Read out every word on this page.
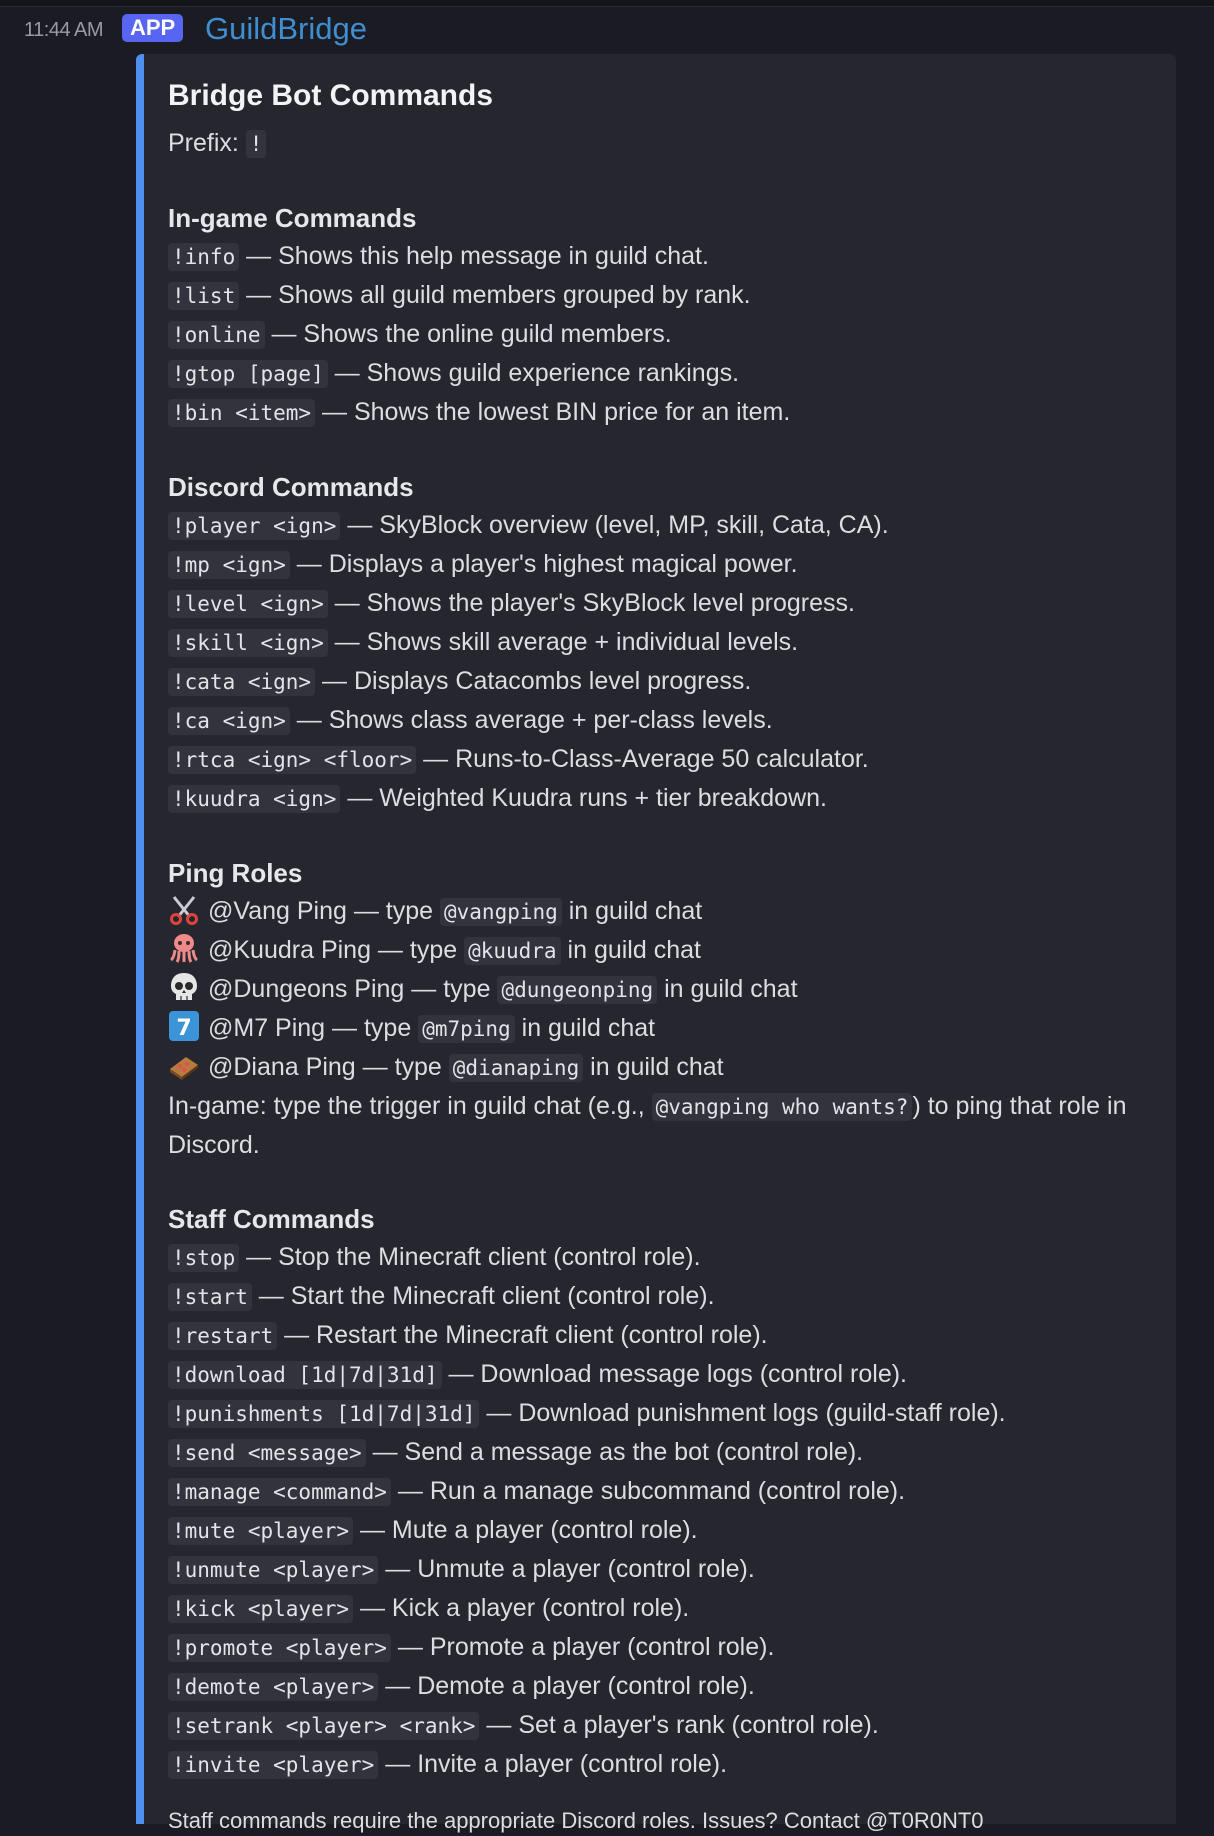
11:44 AM	APP GuildBridge
Bridge Bot Commands
Prefix: !
In-game Commands
!info — Shows this help message in guild chat.
!list — Shows all guild members grouped by rank.
!online — Shows the online guild members.
!gtop [page] — Shows guild experience rankings.
!bin <item> — Shows the lowest BIN price for an item.
Discord Commands
!player <ign> — SkyBlock overview (level, MP, skill, Cata, CA).
!mp <ign> — Displays a player's highest magical power.
!level <ign> — Shows the player's SkyBlock level progress.
!skill <ign> — Shows skill average + individual levels.
!cata <ign> — Displays Catacombs level progress.
!ca <ign> — Shows class average + per-class levels.
!rtca <ign> <floor> — Runs-to-Class-Average 50 calculator.
!kuudra <ign> — Weighted Kuudra runs + tier breakdown.
Ping Roles
@Vang Ping — type @vangping in guild chat
@Kuudra Ping — type @kuudra in guild chat
@Dungeons Ping — type @dungeonping in guild chat
7 @M7 Ping — type @m7ping in guild chat
@Diana Ping — type @dianaping in guild chat
In-game: type the trigger in guild chat (e.g., @vangping who wants? ) to ping that role in Discord.
Staff Commands
!stop — Stop the Minecraft client (control role).
!start — Start the Minecraft client (control role).
!restart — Restart the Minecraft client (control role).
!download [1d|7d|31d] — Download message logs (control role).
!punishments [1d|7d|31d] — Download punishment logs (guild-staff role).
!send <message> — Send a message as the bot (control role).
!manage <command> — Run a manage subcommand (control role).
!mute <player> — Mute a player (control role).
!unmute <player> — Unmute a player (control role).
!kick <player> — Kick a player (control role).
!promote <player> — Promote a player (control role).
!demote <player> — Demote a player (control role).
!setrank <player> <rank> — Set a player's rank (control role).
!invite <player> — Invite a player (control role).
Staff commands require the appropriate Discord roles. Issues? Contact @T0R0NT0
